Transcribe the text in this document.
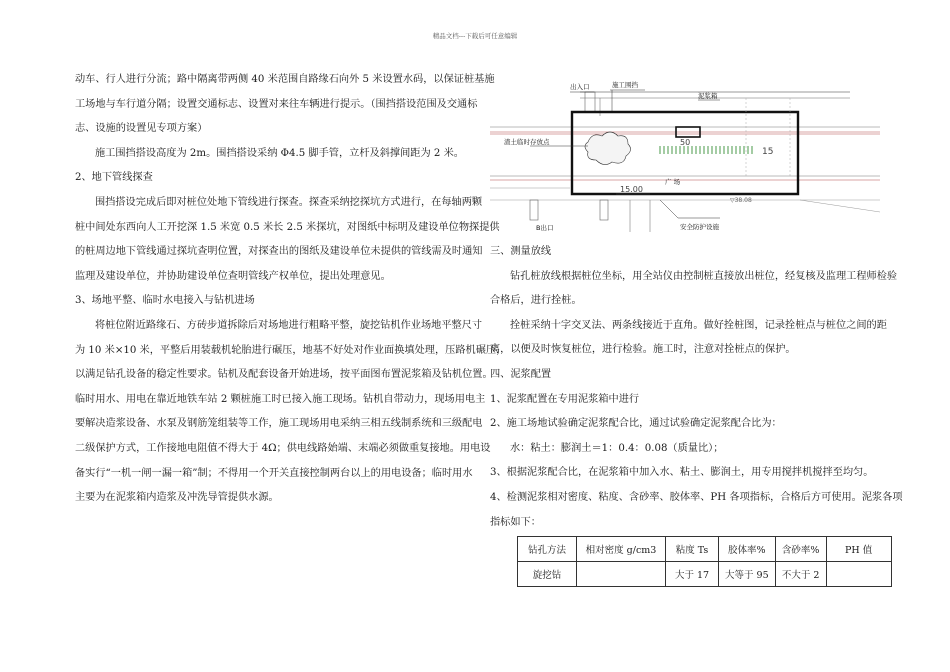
精品文档---下载后可任意编辑

动车、行人进行分流；路中隔离带两侧 40 米范围自路缘石向外 5 米设置水码，以保证桩基施

工场地与车行道分隔；设置交通标志、设置对来往车辆进行提示。（围挡搭设范围及交通标

志、设施的设置见专项方案）

施工围挡搭设高度为 2m。围挡搭设采纳 Φ4.5 脚手管，立杆及斜撑间距为 2 米。

2、地下管线探查

围挡搭设完成后即对桩位处地下管线进行探查。探查采纳挖探坑方式进行，在每轴两颗

桩中间处东西向人工开挖深 1.5 米宽 0.5 米长 2.5 米探坑，对图纸中标明及建设单位物探提供

的桩周边地下管线通过探坑查明位置，对探查出的图纸及建设单位未提供的管线需及时通知

监理及建设单位，并协助建设单位查明管线产权单位，提出处理意见。

3、场地平整、临时水电接入与钻机进场

将桩位附近路缘石、方砖步道拆除后对场地进行粗略平整，旋挖钻机作业场地平整尺寸

为 10 米×10 米，平整后用装载机轮胎进行碾压，地基不好处对作业面换填处理，压路机碾压，

以满足钻孔设备的稳定性要求。钻机及配套设备开始进场，按平面图布置泥浆箱及钻机位置。

临时用水、用电在靠近地铁车站 2 颗桩施工时已接入施工现场。钻机自带动力，现场用电主

要解决造浆设备、水泵及钢筋笼组装等工作，施工现场用电采纳三相五线制系统和三级配电

二级保护方式，工作接地电阻值不得大于 4Ω；供电线路始端、末端必须做重复接地。用电设

备实行“一机一闸一漏一箱”制；不得用一个开关直接控制两台以上的用电设备；临时用水

主要为在泥浆箱内造浆及冲洗导管提供水源。

出入口	施工围挡
泥浆箱
渣土临时存放点	50
15
广 场
15.00
▽38.08
B出口	安全防护设施

三、测量放线

钻孔桩放线根据桩位坐标，用全站仪由控制桩直接放出桩位，经复核及监理工程师检验

合格后，进行拴桩。

拴桩采纳十字交叉法、两条线接近于直角。做好拴桩图，记录拴桩点与桩位之间的距

离，以便及时恢复桩位，进行检验。施工时，注意对拴桩点的保护。

四、泥浆配置

1、泥浆配置在专用泥浆箱中进行

2、施工场地试验确定泥浆配合比，通过试验确定泥浆配合比为：

水：粘土：膨润土＝1：0.4：0.08（质量比）；

3、根据泥浆配合比，在泥浆箱中加入水、粘土、膨润土，用专用搅拌机搅拌至均匀。

4、检测泥浆相对密度、粘度、含砂率、胶体率、PH 各项指标，合格后方可使用。泥浆各项

指标如下：

钻孔方法	相对密度 g/cm3	粘度 Ts	胶体率%	含砂率%	PH 值
旋挖钻		大于 17	大等于 95	不大于 2	
